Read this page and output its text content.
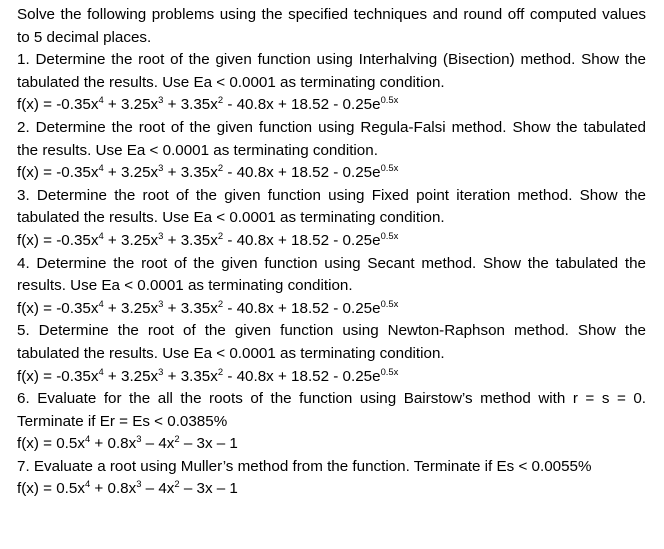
Solve the following problems using the specified techniques and round off computed values to 5 decimal places.

1. Determine the root of the given function using Interhalving (Bisection) method. Show the tabulated the results. Use Ea < 0.0001 as terminating condition.

$f(x) = -0.35x^4 + 3.25x^3 + 3.35x^2 - 40.8x + 18.52 - 0.25e^{0.5x}$

2. Determine the root of the given function using Regula-Falsi method. Show the tabulated the results. Use Ea < 0.0001 as terminating condition.

$f(x) = -0.35x^4 + 3.25x^3 + 3.35x^2 - 40.8x + 18.52 - 0.25e^{0.5x}$

3. Determine the root of the given function using Fixed point iteration method. Show the tabulated the results. Use Ea < 0.0001 as terminating condition.

$f(x) = -0.35x^4 + 3.25x^3 + 3.35x^2 - 40.8x + 18.52 - 0.25e^{0.5x}$

4. Determine the root of the given function using Secant method. Show the tabulated the results. Use Ea < 0.0001 as terminating condition.

$f(x) = -0.35x^4 + 3.25x^3 + 3.35x^2 - 40.8x + 18.52 - 0.25e^{0.5x}$

5. Determine the root of the given function using Newton-Raphson method. Show the tabulated the results. Use Ea < 0.0001 as terminating condition.

$f(x) = -0.35x^4 + 3.25x^3 + 3.35x^2 - 40.8x + 18.52 - 0.25e^{0.5x}$

6. Evaluate for the all the roots of the function using Bairstow’s method with r = s = 0. Terminate if Er = Es < 0.0385%

$f(x) = 0.5x^4 + 0.8x^3 - 4x^2 - 3x - 1$

7. Evaluate a root using Muller’s method from the function. Terminate if Es < 0.0055%

$f(x) = 0.5x^4 + 0.8x^3 - 4x^2 - 3x - 1$
